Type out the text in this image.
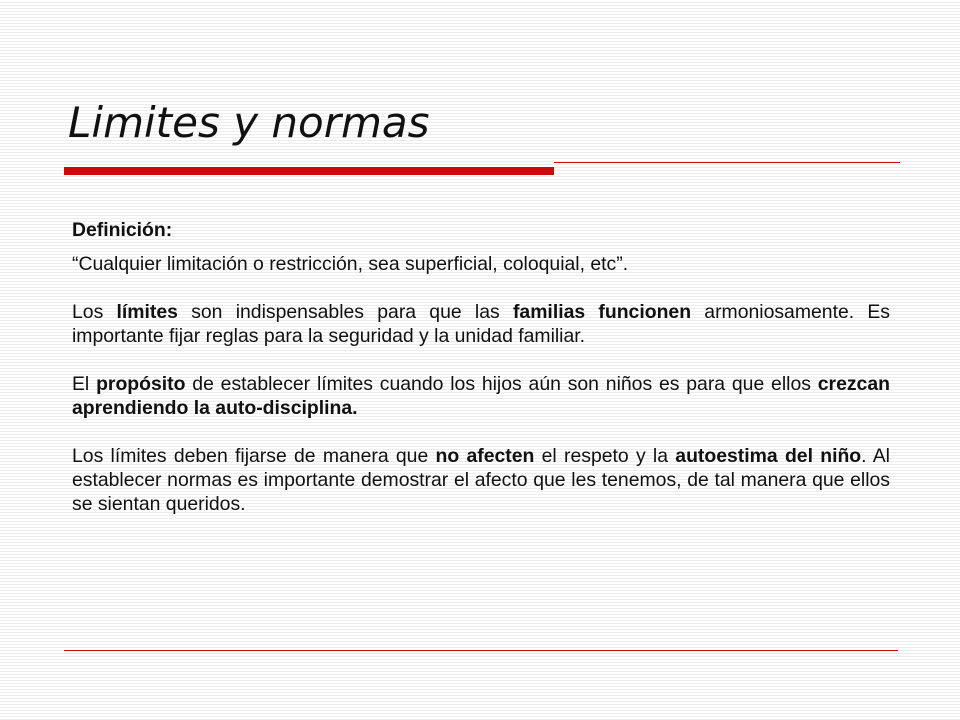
Limites y normas

Definición:

“Cualquier limitación o restricción, sea superficial, coloquial, etc”.

Los límites son indispensables para que las familias funcionen armoniosamente. Es importante fijar reglas para la seguridad y la unidad familiar.

El propósito de establecer límites cuando los hijos aún son niños es para que ellos crezcan aprendiendo la auto-disciplina.

Los límites deben fijarse de manera que no afecten el respeto y la autoestima del niño. Al establecer normas es importante demostrar el afecto que les tenemos, de tal manera que ellos se sientan queridos.
